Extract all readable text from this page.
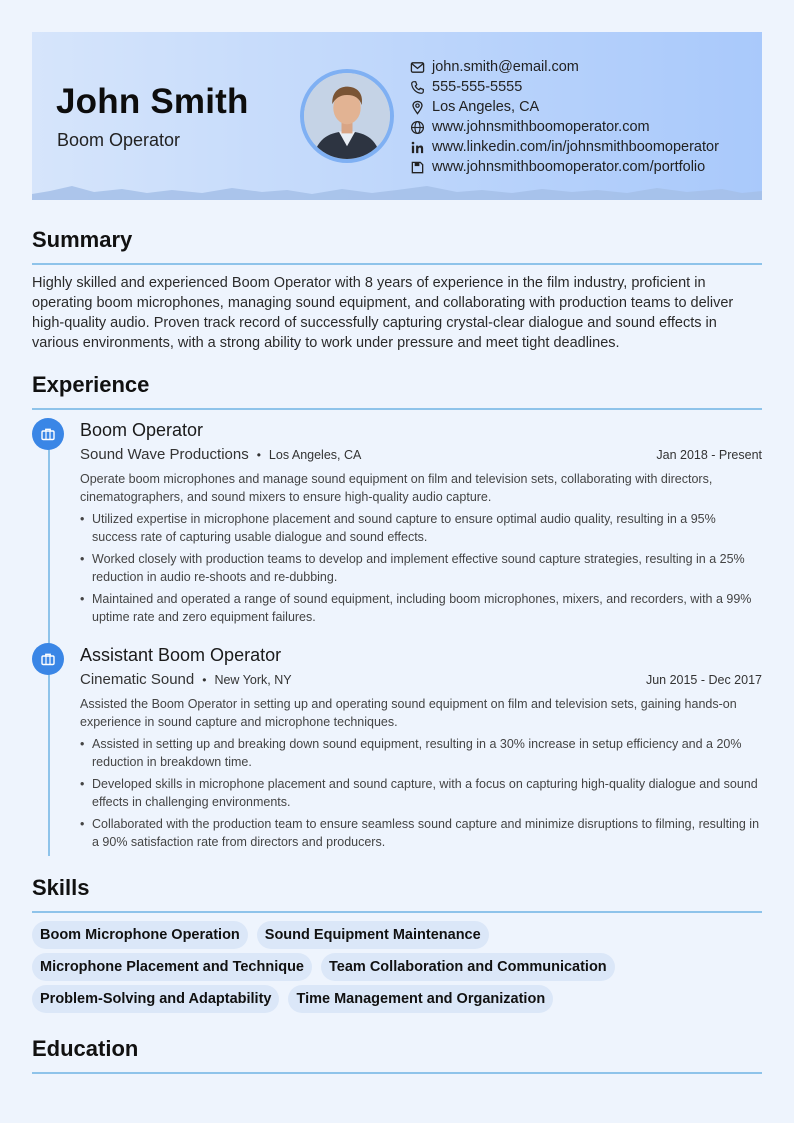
John Smith
Boom Operator
john.smith@email.com
555-555-5555
Los Angeles, CA
www.johnsmithboomoperator.com
www.linkedin.com/in/johnsmithboomoperator
www.johnsmithboomoperator.com/portfolio
Summary
Highly skilled and experienced Boom Operator with 8 years of experience in the film industry, proficient in operating boom microphones, managing sound equipment, and collaborating with production teams to deliver high-quality audio. Proven track record of successfully capturing crystal-clear dialogue and sound effects in various environments, with a strong ability to work under pressure and meet tight deadlines.
Experience
Boom Operator
Sound Wave Productions • Los Angeles, CA	Jan 2018 - Present
Operate boom microphones and manage sound equipment on film and television sets, collaborating with directors, cinematographers, and sound mixers to ensure high-quality audio capture.
• Utilized expertise in microphone placement and sound capture to ensure optimal audio quality, resulting in a 95% success rate of capturing usable dialogue and sound effects.
• Worked closely with production teams to develop and implement effective sound capture strategies, resulting in a 25% reduction in audio re-shoots and re-dubbing.
• Maintained and operated a range of sound equipment, including boom microphones, mixers, and recorders, with a 99% uptime rate and zero equipment failures.
Assistant Boom Operator
Cinematic Sound • New York, NY	Jun 2015 - Dec 2017
Assisted the Boom Operator in setting up and operating sound equipment on film and television sets, gaining hands-on experience in sound capture and microphone techniques.
• Assisted in setting up and breaking down sound equipment, resulting in a 30% increase in setup efficiency and a 20% reduction in breakdown time.
• Developed skills in microphone placement and sound capture, with a focus on capturing high-quality dialogue and sound effects in challenging environments.
• Collaborated with the production team to ensure seamless sound capture and minimize disruptions to filming, resulting in a 90% satisfaction rate from directors and producers.
Skills
Boom Microphone Operation	Sound Equipment Maintenance
Microphone Placement and Technique	Team Collaboration and Communication
Problem-Solving and Adaptability	Time Management and Organization
Education
